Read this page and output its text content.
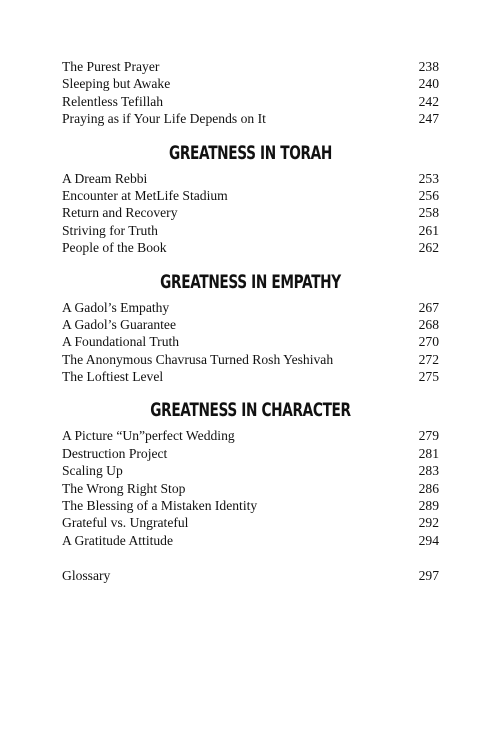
The Purest Prayer	238
Sleeping but Awake	240
Relentless Tefillah	242
Praying as if Your Life Depends on It	247
GREATNESS IN TORAH
A Dream Rebbi	253
Encounter at MetLife Stadium	256
Return and Recovery	258
Striving for Truth	261
People of the Book	262
GREATNESS IN EMPATHY
A Gadol’s Empathy	267
A Gadol’s Guarantee	268
A Foundational Truth	270
The Anonymous Chavrusa Turned Rosh Yeshivah	272
The Loftiest Level	275
GREATNESS IN CHARACTER
A Picture “Un”perfect Wedding	279
Destruction Project	281
Scaling Up	283
The Wrong Right Stop	286
The Blessing of a Mistaken Identity	289
Grateful vs. Ungrateful	292
A Gratitude Attitude	294
Glossary	297
